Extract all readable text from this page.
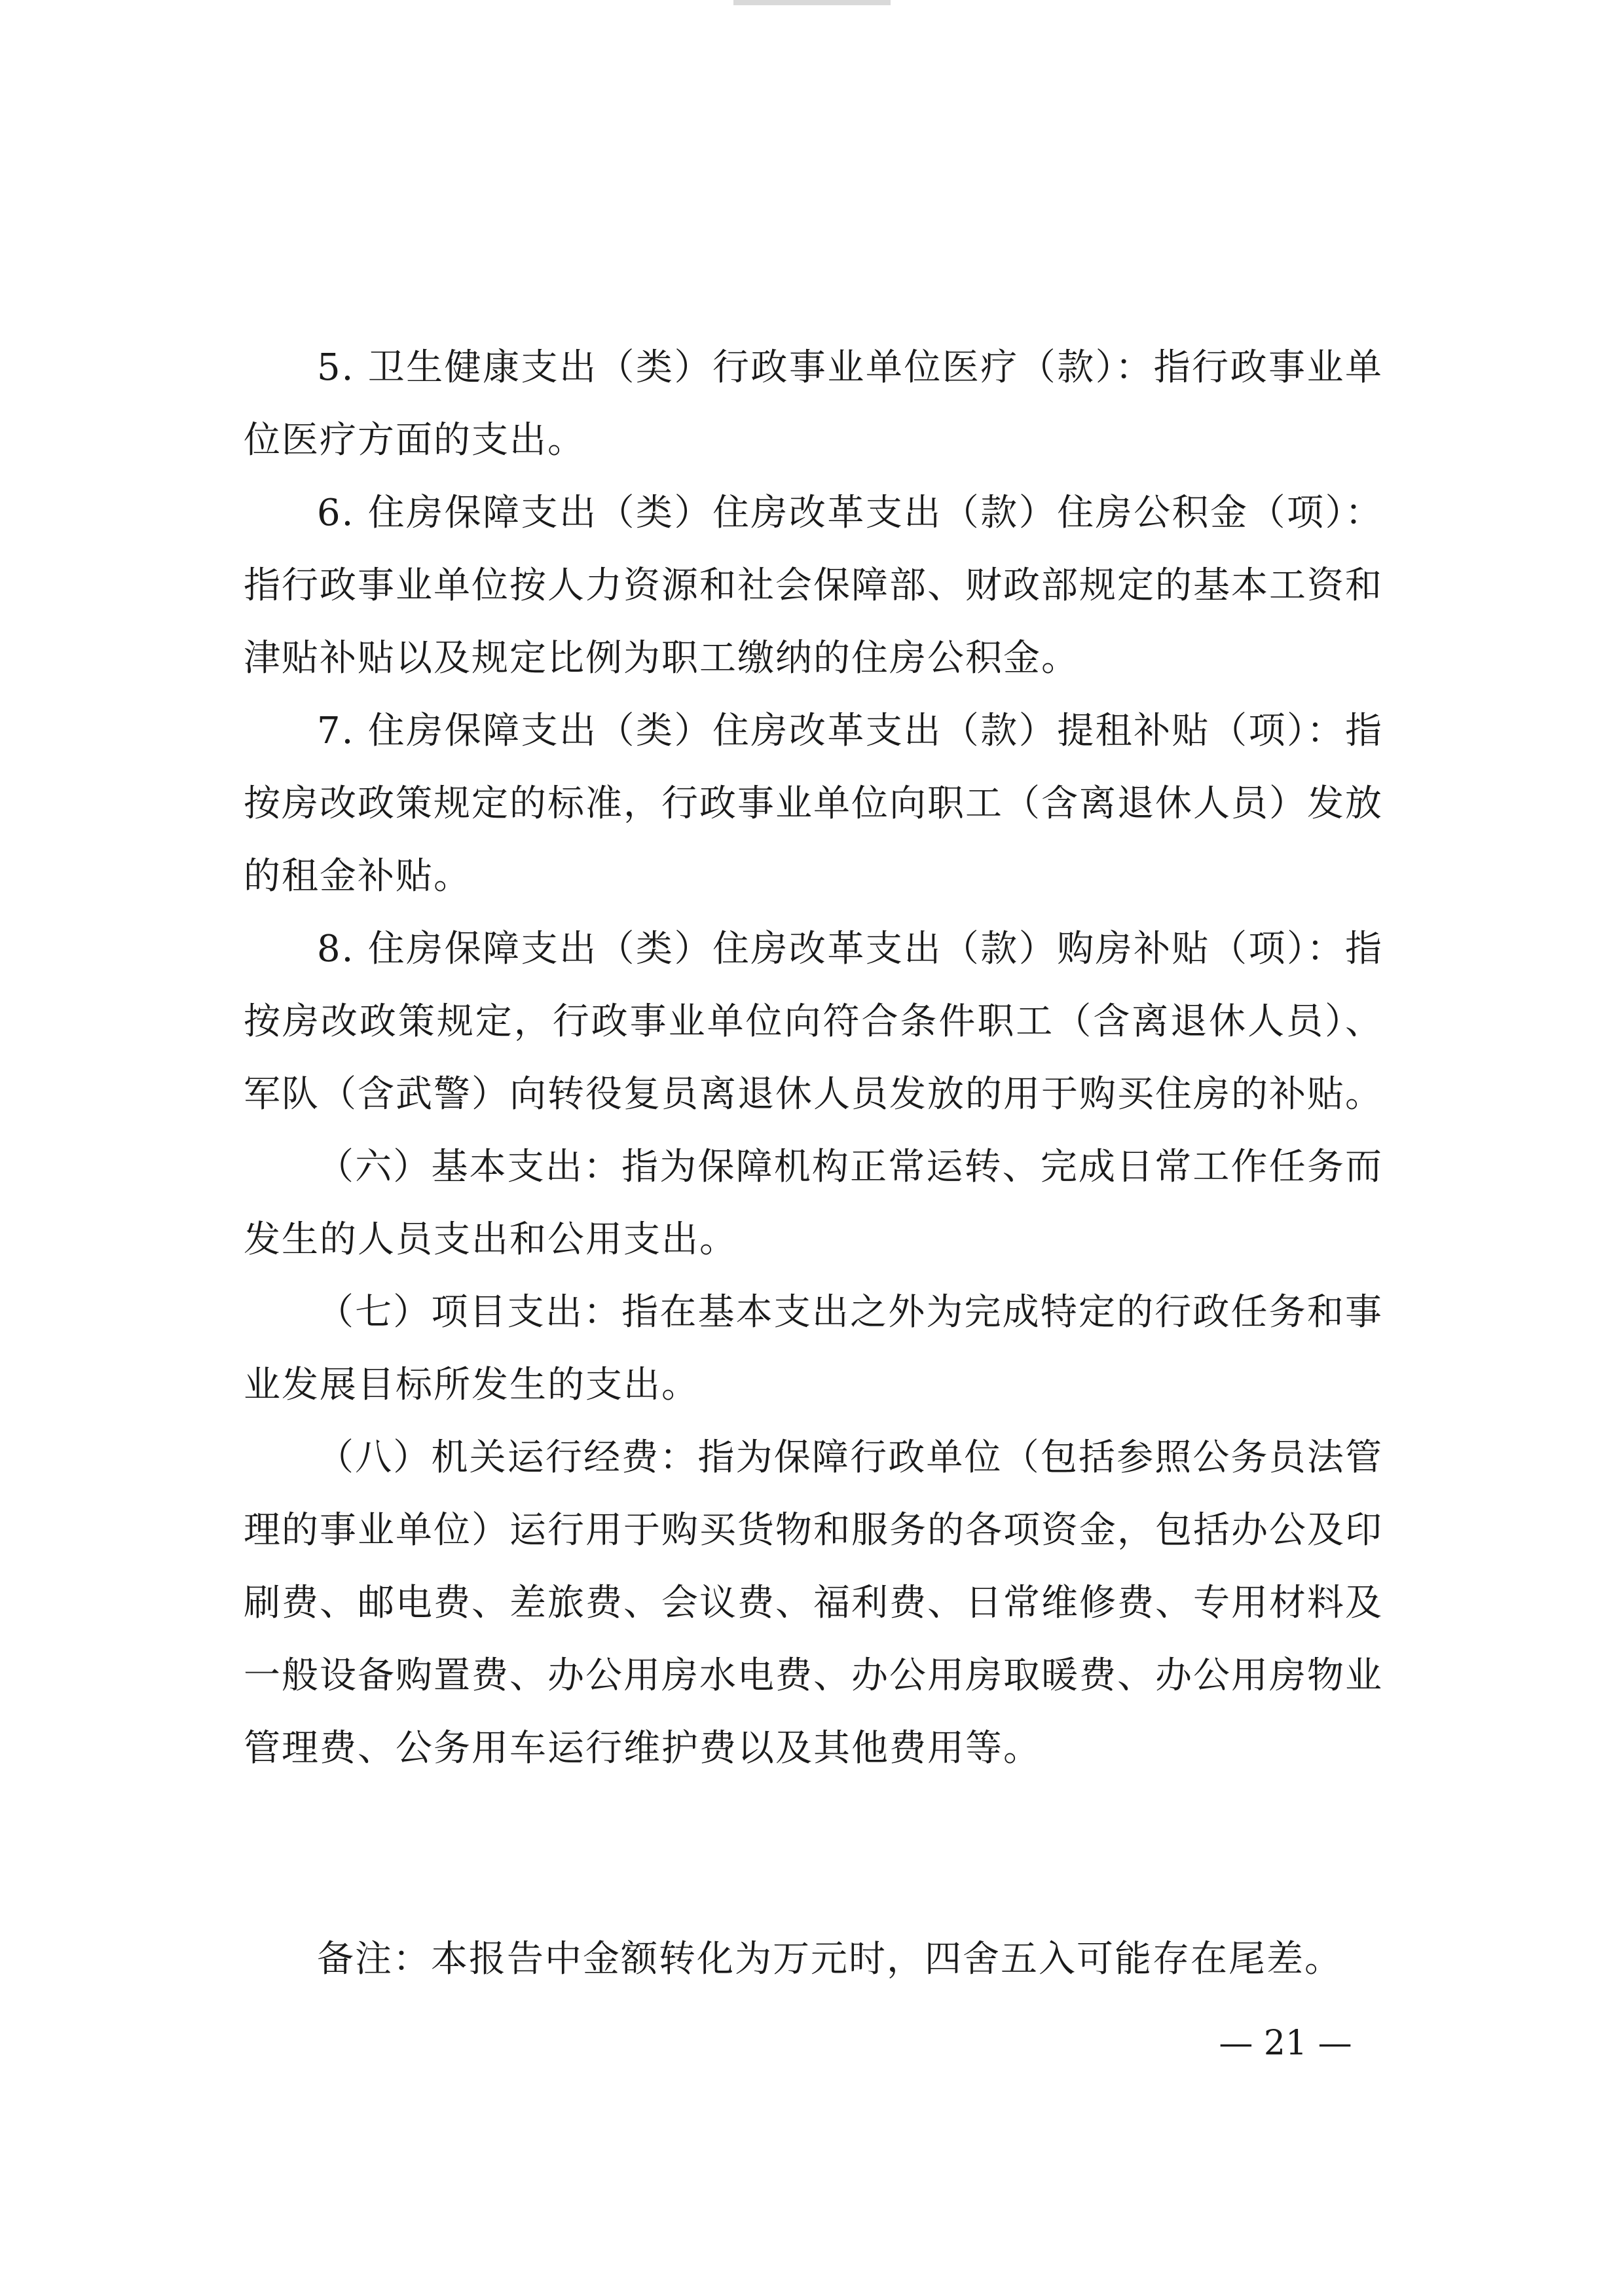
5. 卫生健康支出（类）行政事业单位医疗（款）：指行政事业单位医疗方面的支出。

6. 住房保障支出（类）住房改革支出（款）住房公积金（项）：指行政事业单位按人力资源和社会保障部、财政部规定的基本工资和津贴补贴以及规定比例为职工缴纳的住房公积金。

7. 住房保障支出（类）住房改革支出（款）提租补贴（项）：指按房改政策规定的标准，行政事业单位向职工（含离退休人员）发放的租金补贴。

8. 住房保障支出（类）住房改革支出（款）购房补贴（项）：指按房改政策规定，行政事业单位向符合条件职工（含离退休人员）、军队（含武警）向转役复员离退休人员发放的用于购买住房的补贴。

（六）基本支出：指为保障机构正常运转、完成日常工作任务而发生的人员支出和公用支出。

（七）项目支出：指在基本支出之外为完成特定的行政任务和事业发展目标所发生的支出。

（八）机关运行经费：指为保障行政单位（包括参照公务员法管理的事业单位）运行用于购买货物和服务的各项资金，包括办公及印刷费、邮电费、差旅费、会议费、福利费、日常维修费、专用材料及一般设备购置费、办公用房水电费、办公用房取暖费、办公用房物业管理费、公务用车运行维护费以及其他费用等。

备注：本报告中金额转化为万元时，四舍五入可能存在尾差。

— 21 —
